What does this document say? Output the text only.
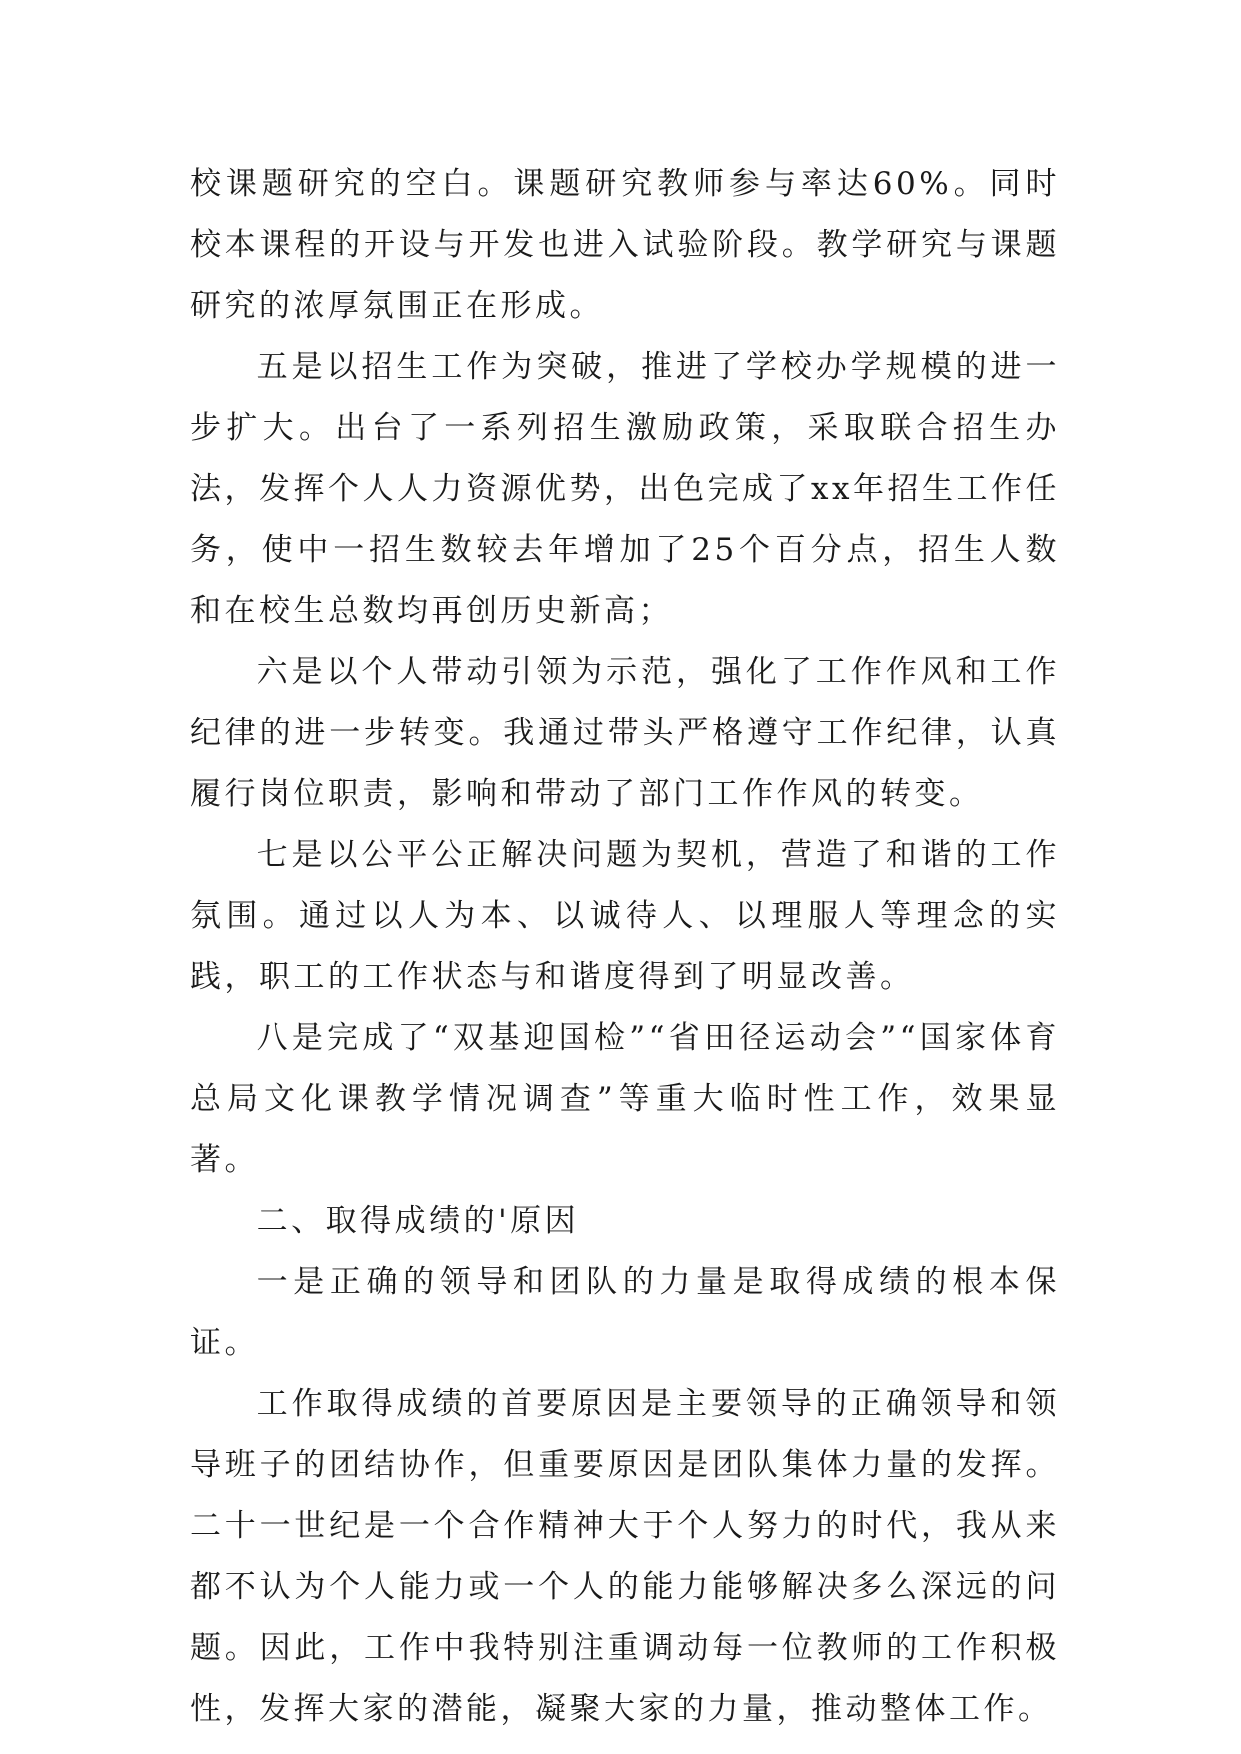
校课题研究的空白。课题研究教师参与率达60%。同时校本课程的开设与开发也进入试验阶段。教学研究与课题研究的浓厚氛围正在形成。

五是以招生工作为突破，推进了学校办学规模的进一步扩大。出台了一系列招生激励政策，采取联合招生办法，发挥个人人力资源优势，出色完成了xx年招生工作任务，使中一招生数较去年增加了25个百分点，招生人数和在校生总数均再创历史新高；

六是以个人带动引领为示范，强化了工作作风和工作纪律的进一步转变。我通过带头严格遵守工作纪律，认真履行岗位职责，影响和带动了部门工作作风的转变。

七是以公平公正解决问题为契机，营造了和谐的工作氛围。通过以人为本、以诚待人、以理服人等理念的实践，职工的工作状态与和谐度得到了明显改善。

八是完成了“双基迎国检”“省田径运动会”“国家体育总局文化课教学情况调查”等重大临时性工作，效果显著。

二、取得成绩的'原因

一是正确的领导和团队的力量是取得成绩的根本保证。

工作取得成绩的首要原因是主要领导的正确领导和领导班子的团结协作，但重要原因是团队集体力量的发挥。二十一世纪是一个合作精神大于个人努力的时代，我从来都不认为个人能力或一个人的能力能够解决多么深远的问题。因此，工作中我特别注重调动每一位教师的工作积极性，发挥大家的潜能，凝聚大家的力量，推动整体工作。
